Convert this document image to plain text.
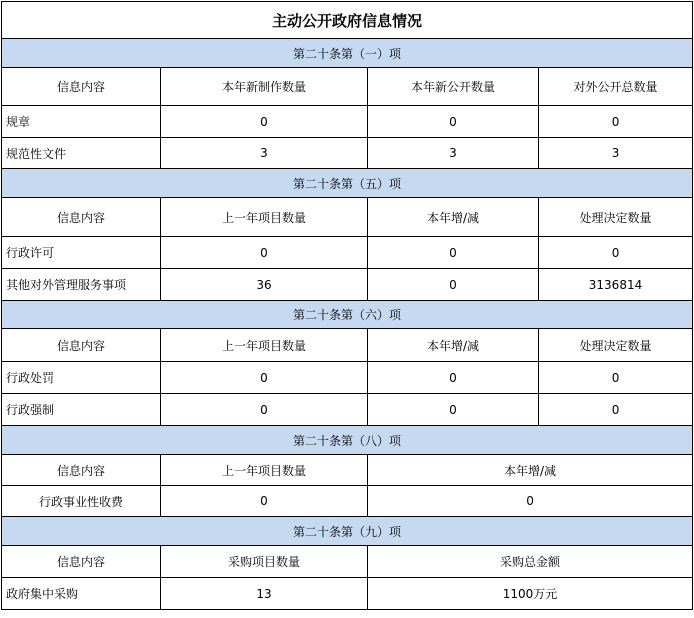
主动公开政府信息情况			
第二十条第（一）项			
信息内容	本年新制作数量	本年新公开数量	对外公开总数量
规章	0	0	0
规范性文件	3	3	3
第二十条第（五）项			
信息内容	上一年项目数量	本年增/减	处理决定数量
行政许可	0	0	0
其他对外管理服务事项	36	0	3136814
第二十条第（六）项			
信息内容	上一年项目数量	本年增/减	处理决定数量
行政处罚	0	0	0
行政强制	0	0	0
第二十条第（八）项			
信息内容	上一年项目数量	本年增/减	
行政事业性收费	0	0	
第二十条第（九）项			
信息内容	采购项目数量	采购总金额	
政府集中采购	13	1100万元	
